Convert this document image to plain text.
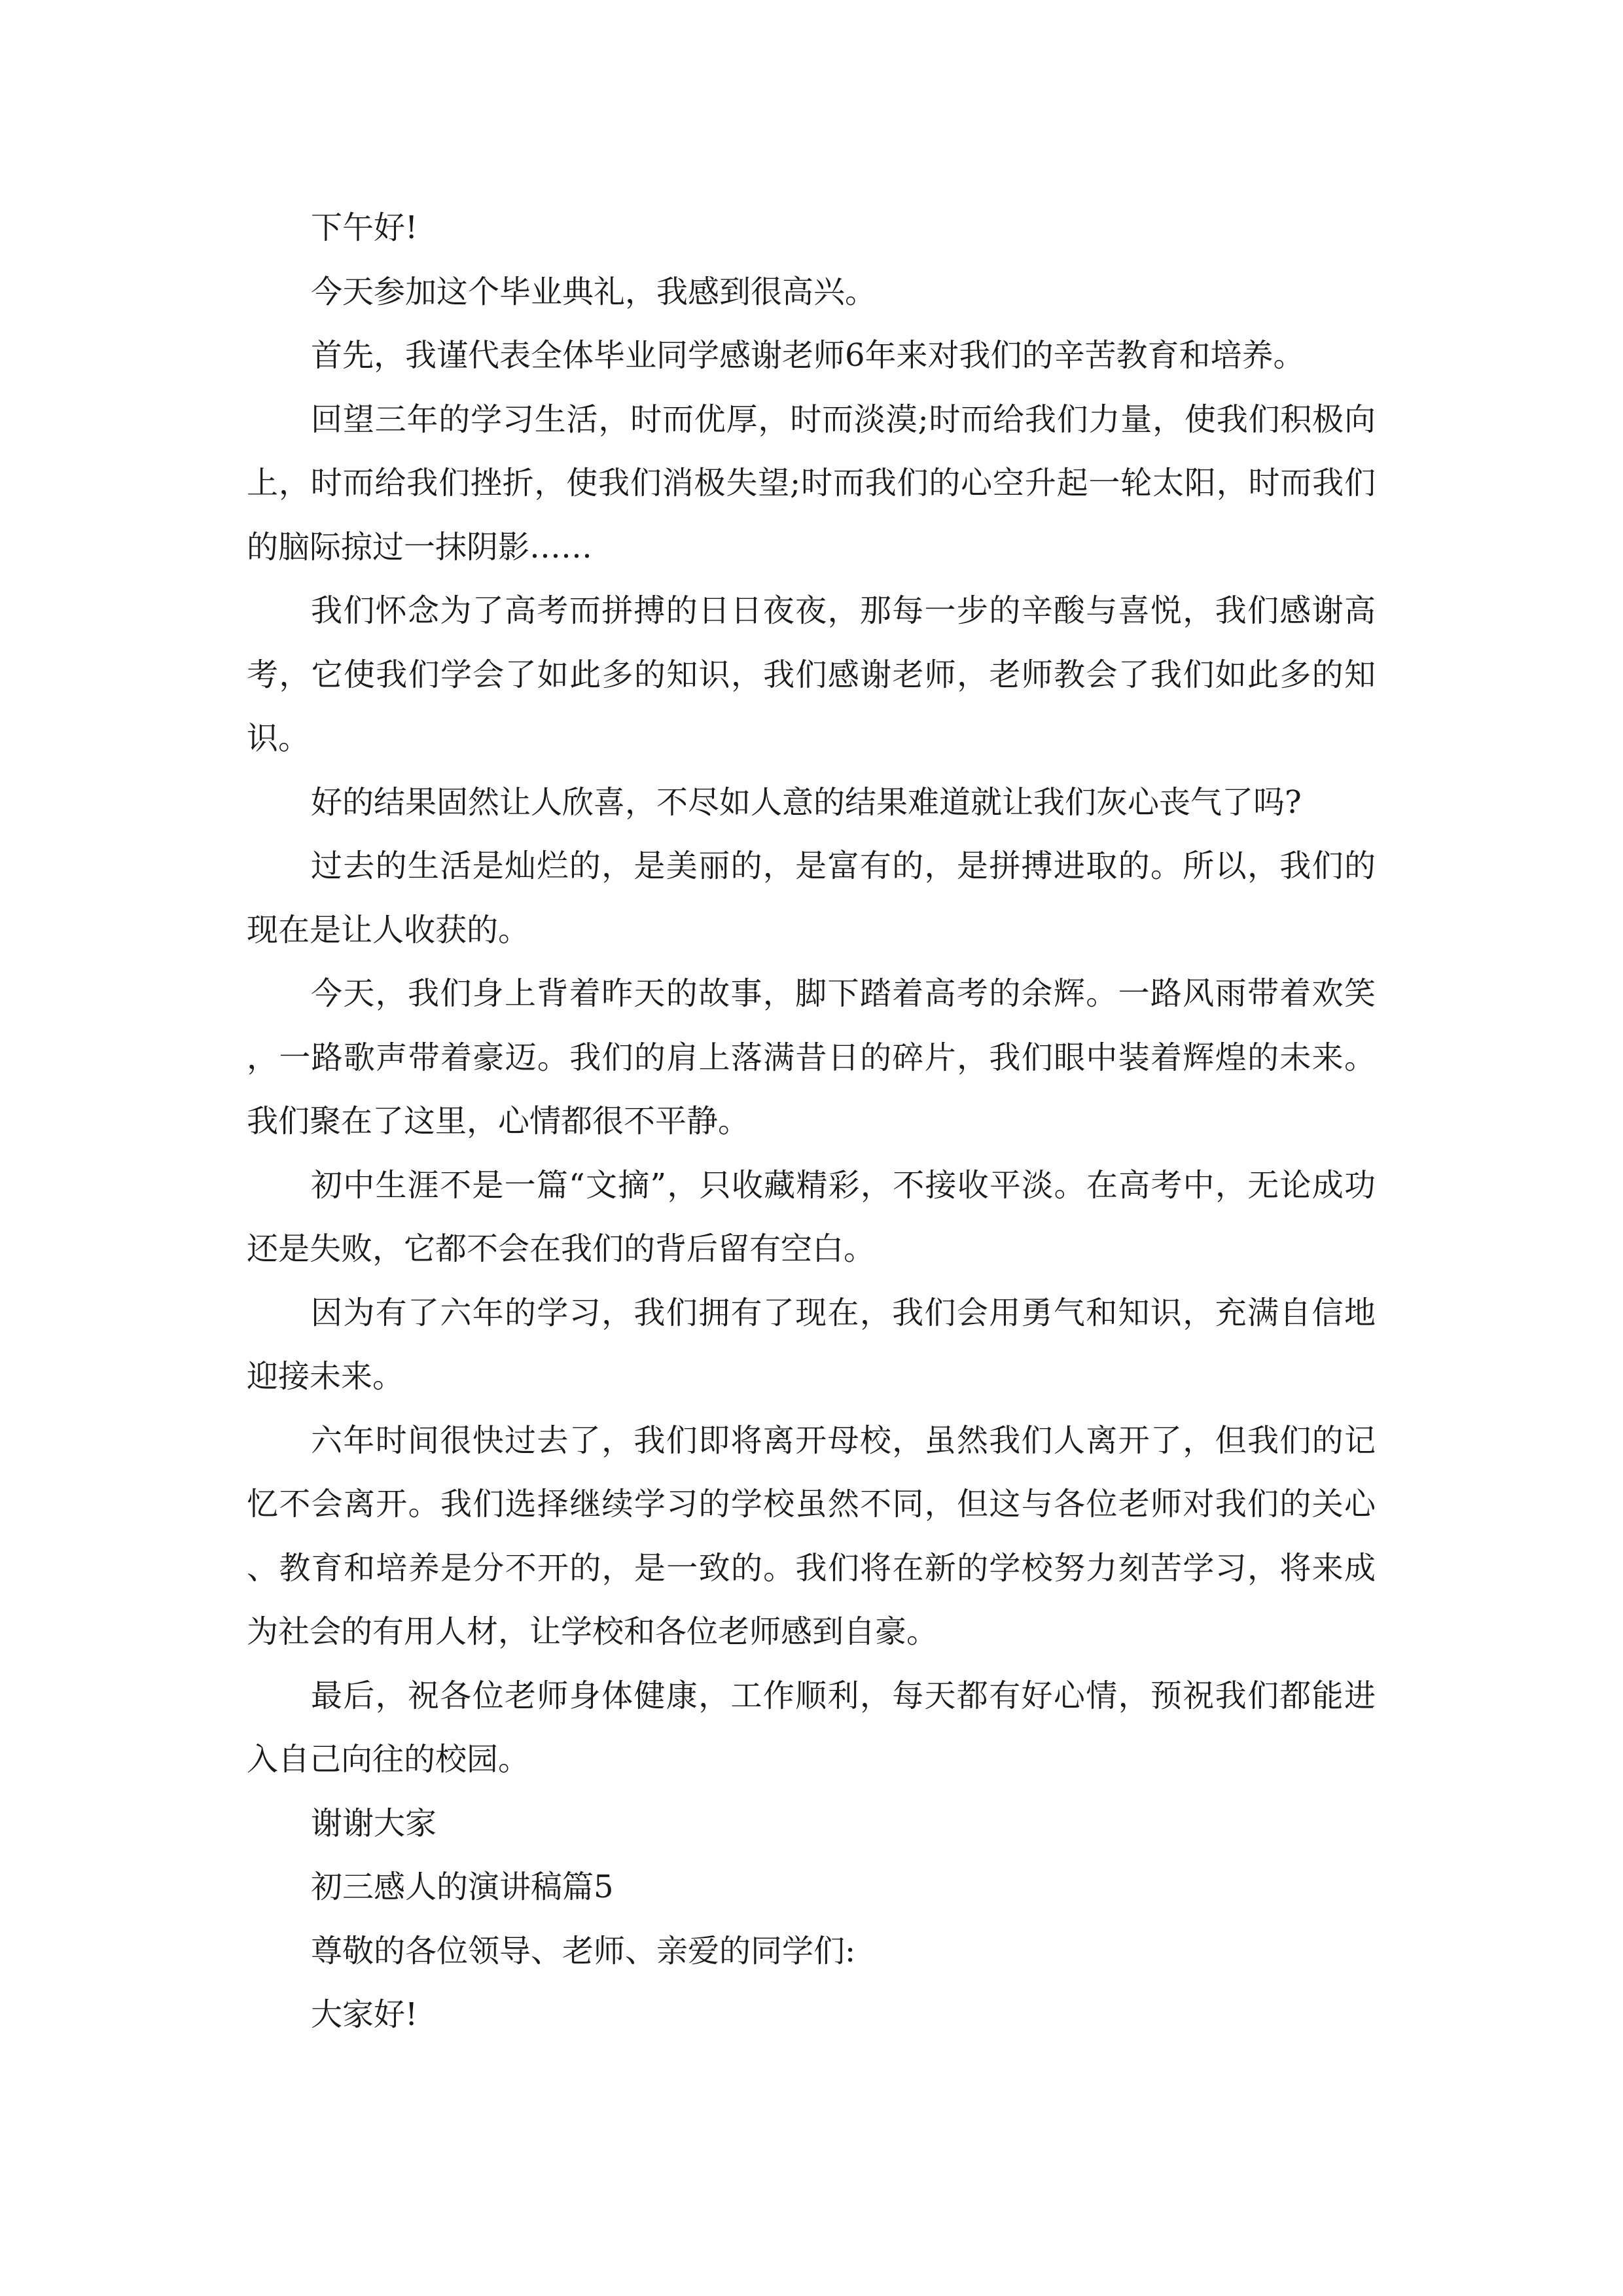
下午好!

今天参加这个毕业典礼，我感到很高兴。

首先，我谨代表全体毕业同学感谢老师6年来对我们的辛苦教育和培养。

回望三年的学习生活，时而优厚，时而淡漠;时而给我们力量，使我们积极向上，时而给我们挫折，使我们消极失望;时而我们的心空升起一轮太阳，时而我们的脑际掠过一抹阴影……

我们怀念为了高考而拼搏的日日夜夜，那每一步的辛酸与喜悦，我们感谢高考，它使我们学会了如此多的知识，我们感谢老师，老师教会了我们如此多的知识。

好的结果固然让人欣喜，不尽如人意的结果难道就让我们灰心丧气了吗?

过去的生活是灿烂的，是美丽的，是富有的，是拼搏进取的。所以，我们的现在是让人收获的。

今天，我们身上背着昨天的故事，脚下踏着高考的余辉。一路风雨带着欢笑，一路歌声带着豪迈。我们的肩上落满昔日的碎片，我们眼中装着辉煌的未来。我们聚在了这里，心情都很不平静。

初中生涯不是一篇“文摘”，只收藏精彩，不接收平淡。在高考中，无论成功还是失败，它都不会在我们的背后留有空白。

因为有了六年的学习，我们拥有了现在，我们会用勇气和知识，充满自信地迎接未来。

六年时间很快过去了，我们即将离开母校，虽然我们人离开了，但我们的记忆不会离开。我们选择继续学习的学校虽然不同，但这与各位老师对我们的关心、教育和培养是分不开的，是一致的。我们将在新的学校努力刻苦学习，将来成为社会的有用人材，让学校和各位老师感到自豪。

最后，祝各位老师身体健康，工作顺利，每天都有好心情，预祝我们都能进入自己向往的校园。

谢谢大家

初三感人的演讲稿篇5

尊敬的各位领导、老师、亲爱的同学们:

大家好!
